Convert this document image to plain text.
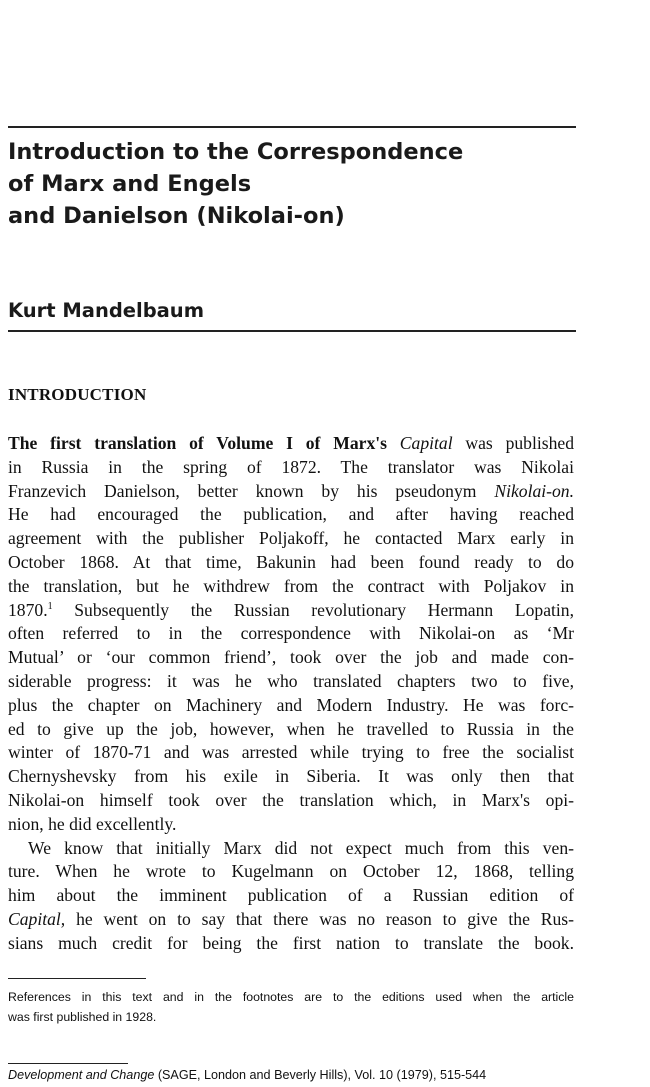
Introduction to the Correspondence
of Marx and Engels
and Danielson (Nikolai-on)

Kurt Mandelbaum

INTRODUCTION
The first translation of Volume I of Marx's Capital was published
in Russia in the spring of 1872. The translator was Nikolai
Franzevich Danielson, better known by his pseudonym Nikolai-on.
He had encouraged the publication, and after having reached
agreement with the publisher Poljakoff, he contacted Marx early in
October 1868. At that time, Bakunin had been found ready to do
the translation, but he withdrew from the contract with Poljakov in
1870.$^1$ Subsequently the Russian revolutionary Hermann Lopatin,
often referred to in the correspondence with Nikolai-on as ‘Mr
Mutual’ or ‘our common friend’, took over the job and made con-
siderable progress: it was he who translated chapters two to five,
plus the chapter on Machinery and Modern Industry. He was forc-
ed to give up the job, however, when he travelled to Russia in the
winter of 1870-71 and was arrested while trying to free the socialist
Chernyshevsky from his exile in Siberia. It was only then that
Nikolai-on himself took over the translation which, in Marx's opi-
nion, he did excellently.
We know that initially Marx did not expect much from this ven-
ture. When he wrote to Kugelmann on October 12, 1868, telling
him about the imminent publication of a Russian edition of
Capital, he went on to say that there was no reason to give the Rus-
sians much credit for being the first nation to translate the book.
References in this text and in the footnotes are to the editions used when the article
was first published in 1928.

Development and Change (SAGE, London and Beverly Hills), Vol. 10 (1979), 515-544
